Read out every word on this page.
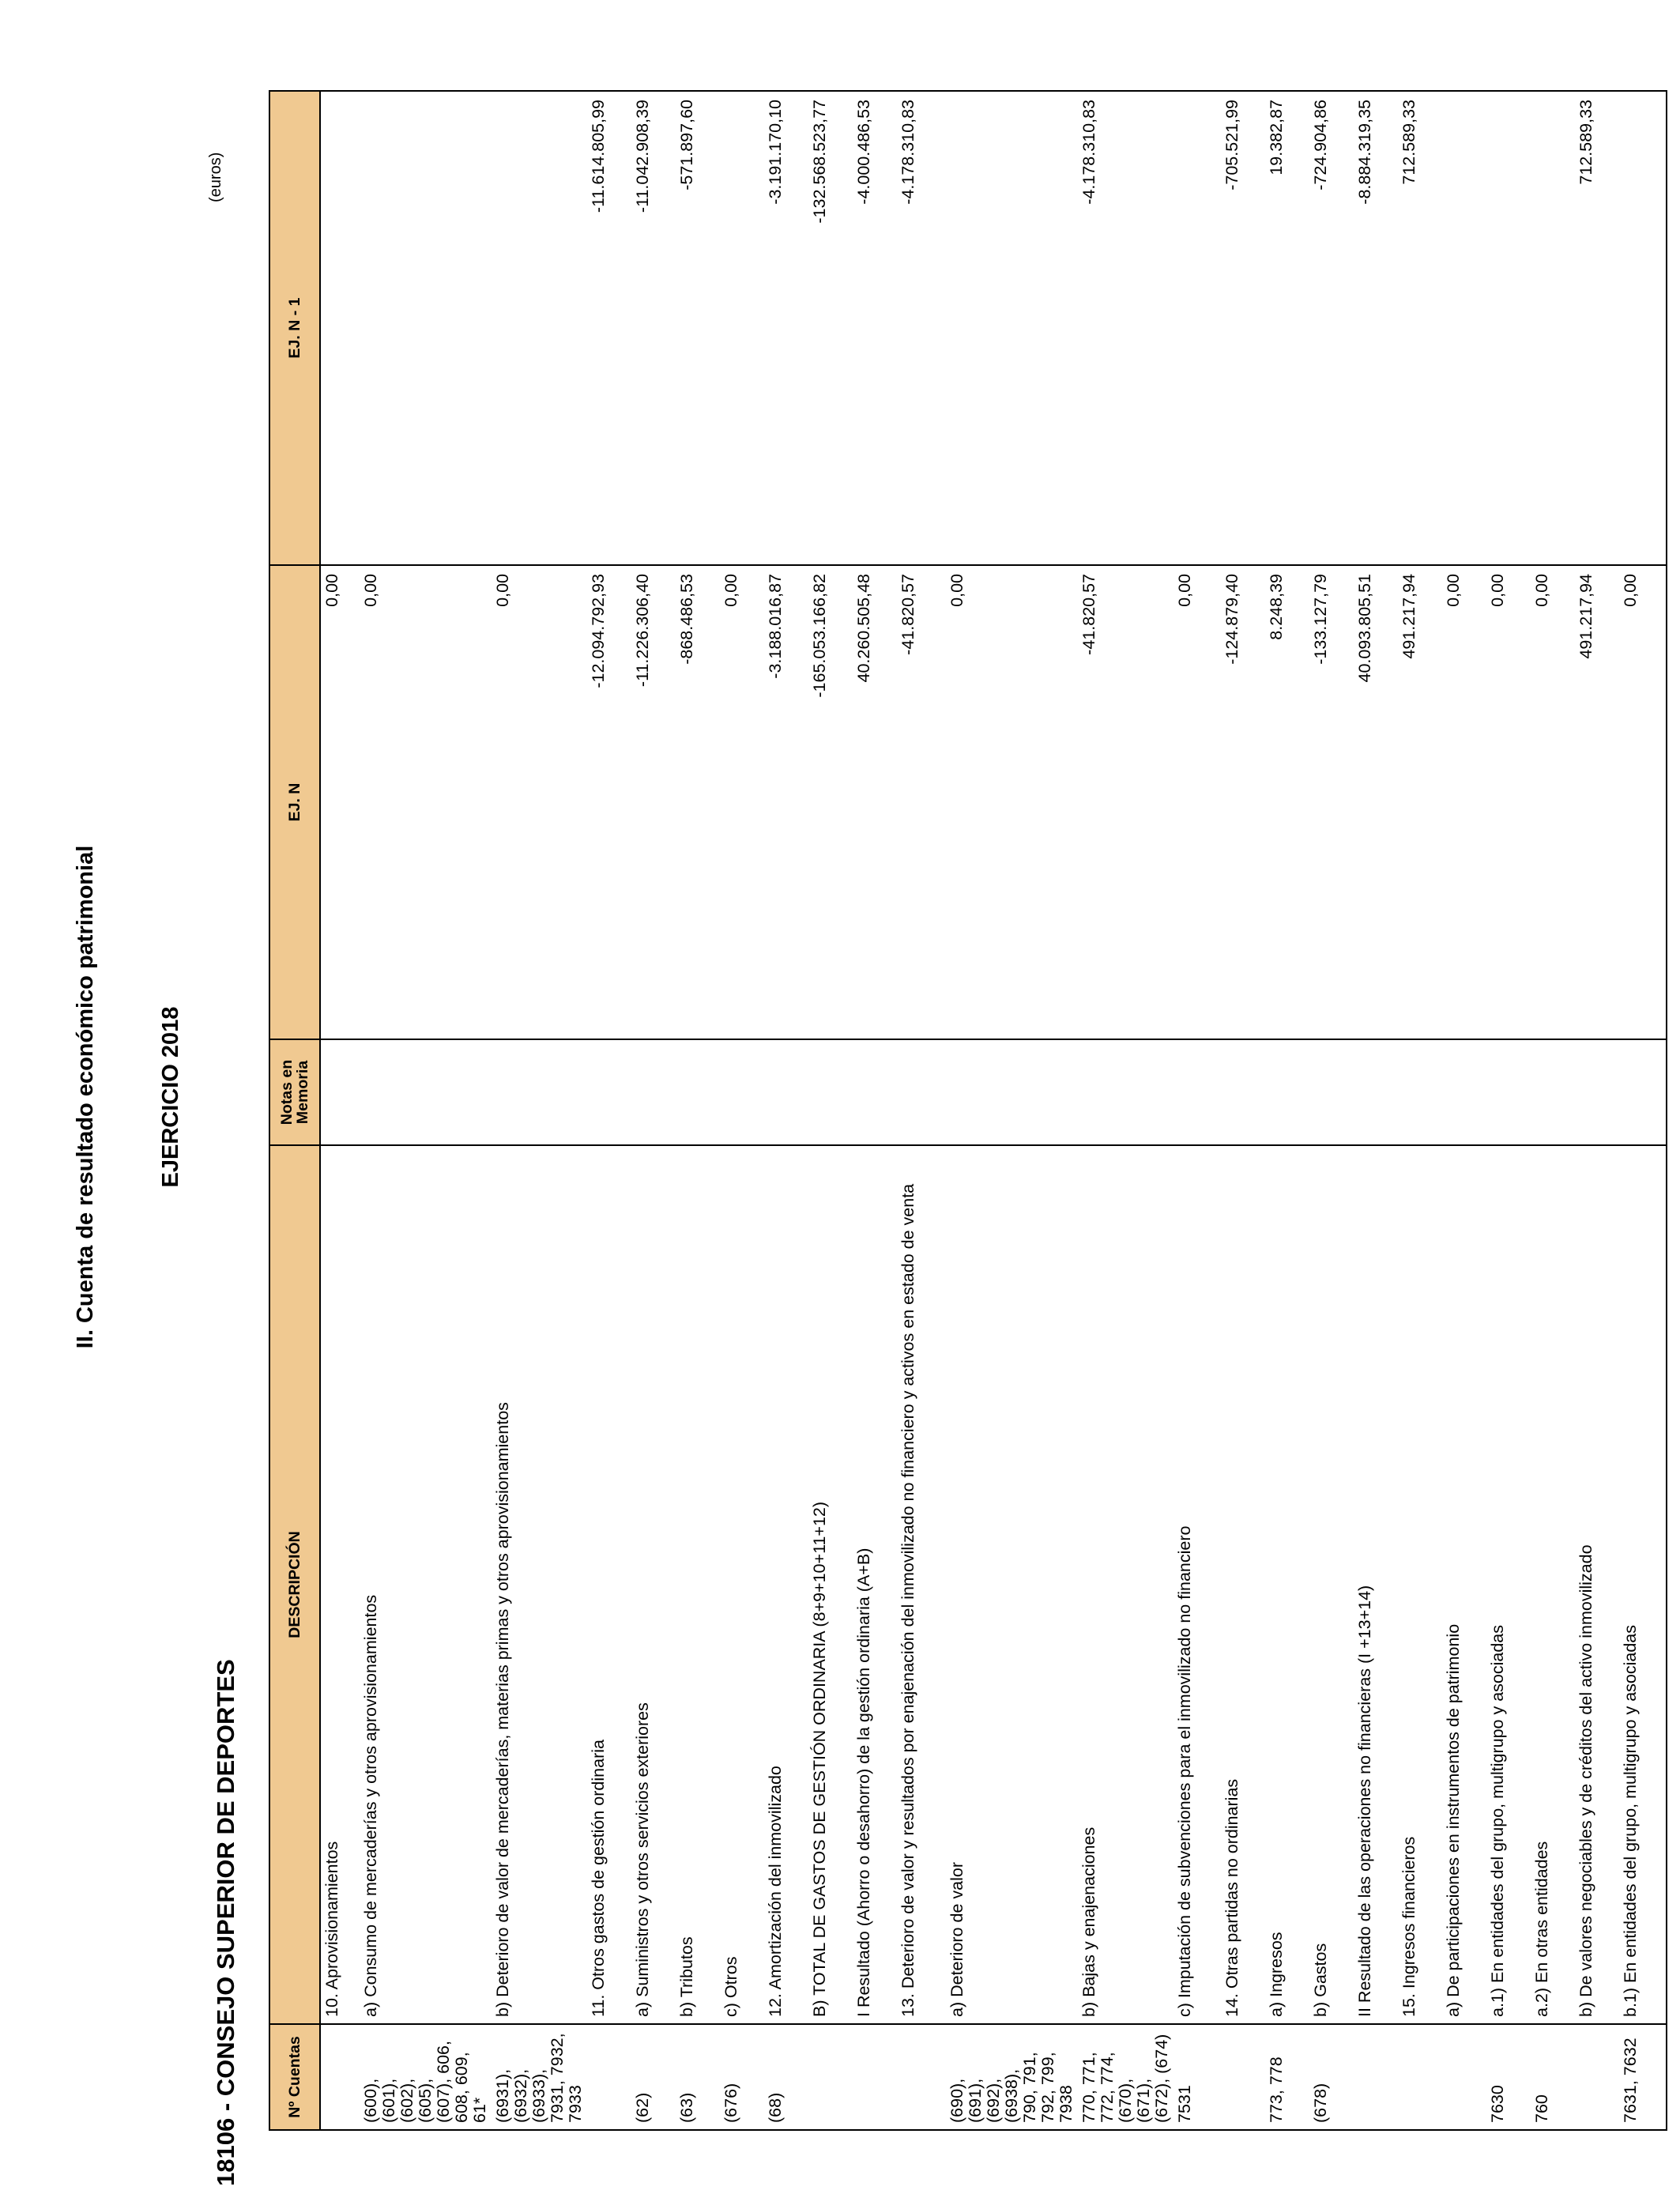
II. Cuenta de resultado económico patrimonial	EJERCICIO 2018
18106 - CONSEJO SUPERIOR DE DEPORTES
(euros)
Nº Cuentas	DESCRIPCIÓN	Notas en Memoria	EJ. N	EJ. N - 1
	10. Aprovisionamientos		0,00	
(600), (601), (602), (605), (607), 606, 608, 609, 61*	a) Consumo de mercaderías y otros aprovisionamientos		0,00	
(6931), (6932), (6933), 7931, 7932, 7933	b) Deterioro de valor de mercaderías, materias primas y otros aprovisionamientos		0,00	
	11. Otros gastos de gestión ordinaria		-12.094.792,93	-11.614.805,99
(62)	a) Suministros y otros servicios exteriores		-11.226.306,40	-11.042.908,39
(63)	b) Tributos		-868.486,53	-571.897,60
(676)	c) Otros		0,00	
(68)	12. Amortización del inmovilizado		-3.188.016,87	-3.191.170,10
	B) TOTAL DE GASTOS DE GESTIÓN ORDINARIA (8+9+10+11+12)		-165.053.166,82	-132.568.523,77
	I Resultado (Ahorro o desahorro) de la gestión ordinaria (A+B)		40.260.505,48	-4.000.486,53
	13. Deterioro de valor y resultados por enajenación del inmovilizado no financiero y activos en estado de venta		-41.820,57	-4.178.310,83
(690), (691), (692), (6938), 790, 791, 792, 799, 7938	a) Deterioro de valor		0,00	
770, 771, 772, 774, (670), (671), (672), (674)	b) Bajas y enajenaciones		-41.820,57	-4.178.310,83
7531	c) Imputación de subvenciones para el inmovilizado no financiero		0,00	
	14. Otras partidas no ordinarias		-124.879,40	-705.521,99
773, 778	a) Ingresos		8.248,39	19.382,87
(678)	b) Gastos		-133.127,79	-724.904,86
	II Resultado de las operaciones no financieras (I +13+14)		40.093.805,51	-8.884.319,35
	15. Ingresos financieros		491.217,94	712.589,33
	a) De participaciones en instrumentos de patrimonio		0,00	
7630	a.1) En entidades del grupo, multigrupo y asociadas		0,00	
760	a.2) En otras entidades		0,00	
	b) De valores negociables y de créditos del activo inmovilizado		491.217,94	712.589,33
7631, 7632	b.1) En entidades del grupo, multigrupo y asociadas		0,00	
